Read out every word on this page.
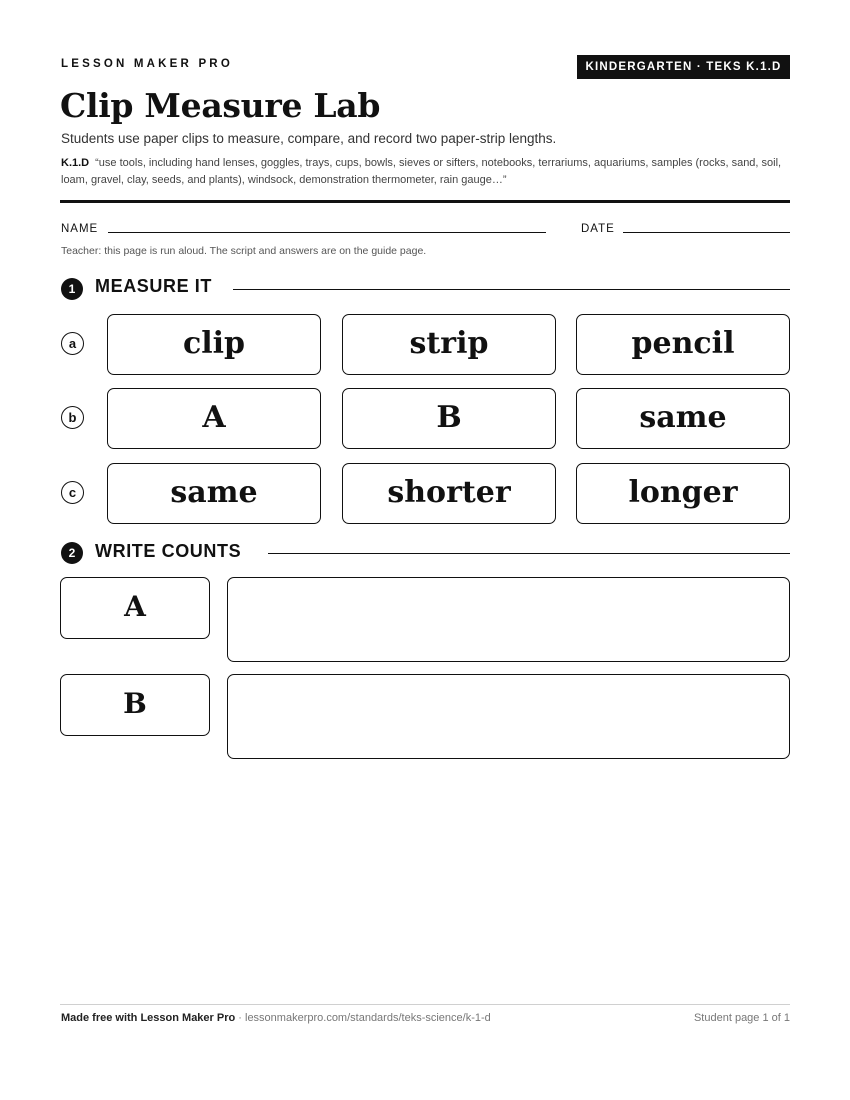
LESSON MAKER PRO	KINDERGARTEN · TEKS K.1.D
Clip Measure Lab
Students use paper clips to measure, compare, and record two paper-strip lengths.
K.1.D “use tools, including hand lenses, goggles, trays, cups, bowls, sieves or sifters, notebooks, terrariums, aquariums, samples (rocks, sand, soil, loam, gravel, clay, seeds, and plants), windsock, demonstration thermometer, rain gauge…”
NAME	DATE
Teacher: this page is run aloud. The script and answers are on the guide page.
1	MEASURE IT
a	clip	strip	pencil
b	A	B	same
c	same	shorter	longer
2	WRITE COUNTS
A
B
Made free with Lesson Maker Pro · lessonmakerpro.com/standards/teks-science/k-1-d	Student page 1 of 1
